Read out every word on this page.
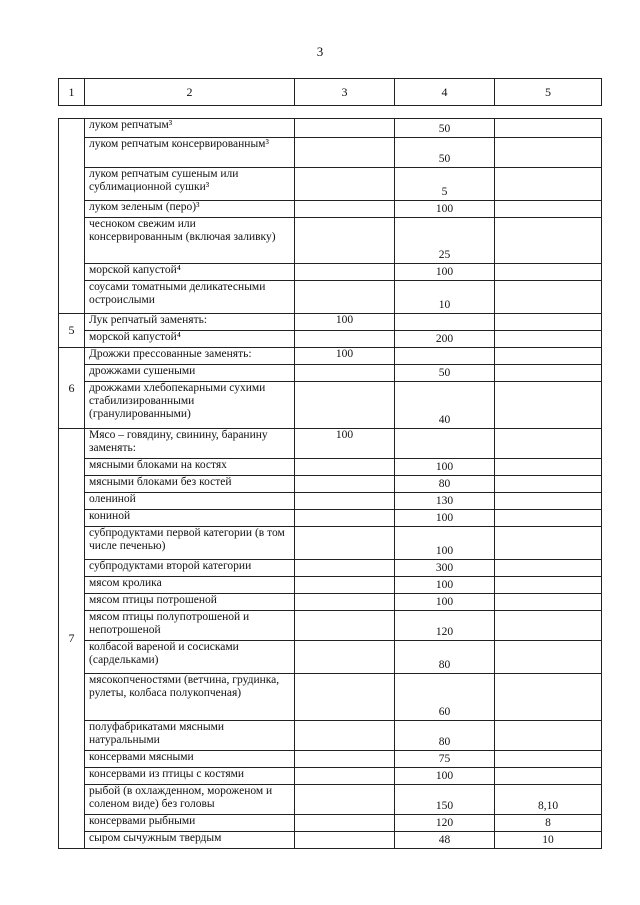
3
1	2	3	4	5
	луком репчатым³		50	
	луком репчатым консервированным³		50	
	луком репчатым сушеным или сублимационной сушки³		5	
	луком зеленым (перо)³		100	
	чесноком свежим или консервированным (включая заливку)		25	
	морской капустой⁴		100	
	соусами томатными деликатесными остроислыми		10	
5	Лук репчатый заменять:	100		
	морской капустой⁴		200	
6	Дрожжи прессованные заменять:	100		
	дрожжами сушеными		50	
	дрожжами хлебопекарными сухими стабилизированными (гранулированными)		40	
7	Мясо – говядину, свинину, баранину заменять:	100		
	мясными блоками на костях		100	
	мясными блоками без костей		80	
	олениной		130	
	кониной		100	
	субпродуктами первой категории (в том числе печенью)		100	
	субпродуктами второй категории		300	
	мясом кролика		100	
	мясом птицы потрошеной		100	
	мясом птицы полупотрошеной и непотрошеной		120	
	колбасой вареной и сосисками (сардельками)		80	
	мясокопченостями (ветчина, грудинка, рулеты, колбаса полукопченая)		60	
	полуфабрикатами мясными натуральными		80	
	консервами мясными		75	
	консервами из птицы с костями		100	
	рыбой (в охлажденном, мороженом и соленом виде) без головы		150	8,10
	консервами рыбными		120	8
	сыром сычужным твердым		48	10
